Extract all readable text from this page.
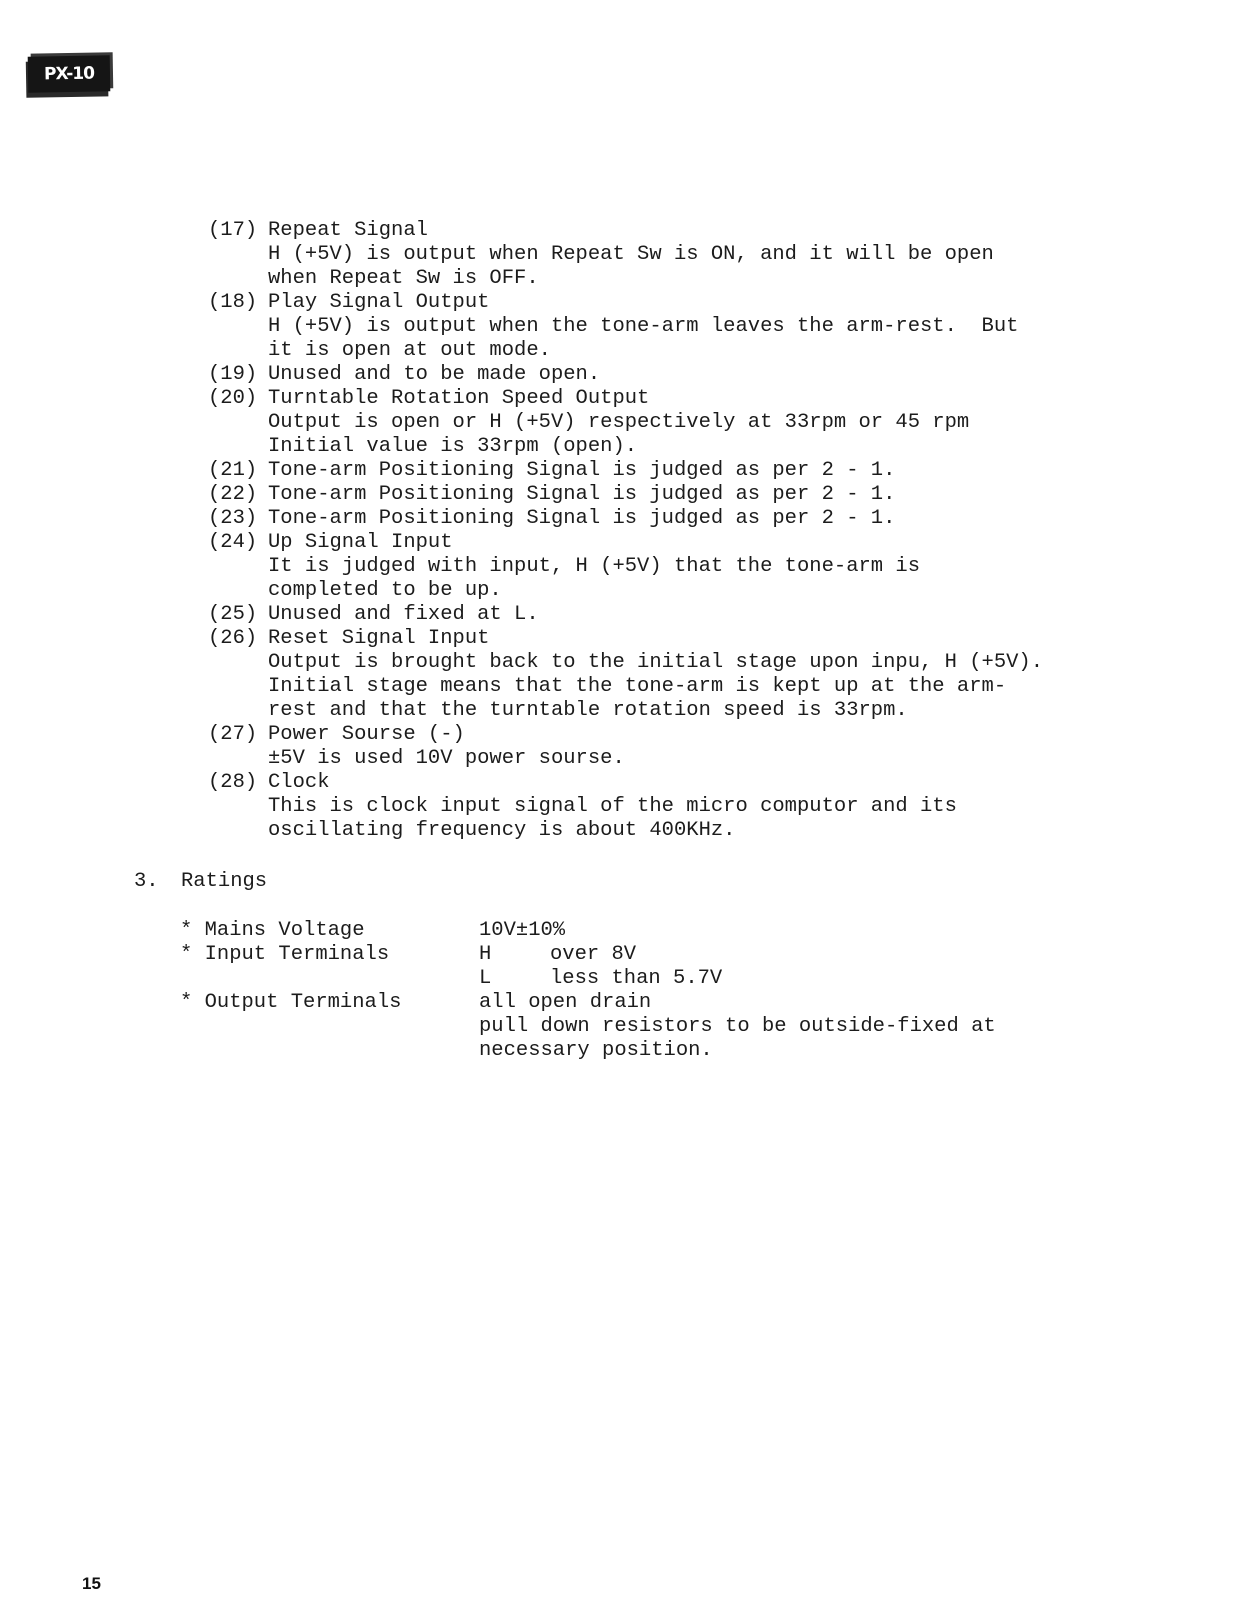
PX-10
(17) Repeat Signal
H (+5V) is output when Repeat Sw is ON, and it will be open
when Repeat Sw is OFF.
(18) Play Signal Output
H (+5V) is output when the tone-arm leaves the arm-rest.  But
it is open at out mode.
(19) Unused and to be made open.
(20) Turntable Rotation Speed Output
Output is open or H (+5V) respectively at 33rpm or 45 rpm
Initial value is 33rpm (open).
(21) Tone-arm Positioning Signal is judged as per 2 - 1.
(22) Tone-arm Positioning Signal is judged as per 2 - 1.
(23) Tone-arm Positioning Signal is judged as per 2 - 1.
(24) Up Signal Input
It is judged with input, H (+5V) that the tone-arm is
completed to be up.
(25) Unused and fixed at L.
(26) Reset Signal Input
Output is brought back to the initial stage upon inpu, H (+5V).
Initial stage means that the tone-arm is kept up at the arm-
rest and that the turntable rotation speed is 33rpm.
(27) Power Sourse (-)
±5V is used 10V power sourse.
(28) Clock
This is clock input signal of the micro computor and its
oscillating frequency is about 400KHz.

3.

Ratings

* Mains Voltage	10V±10%
* Input Terminals	H	over 8V
L	less than 5.7V
* Output Terminals	all open drain
pull down resistors to be outside-fixed at
necessary position.
15
